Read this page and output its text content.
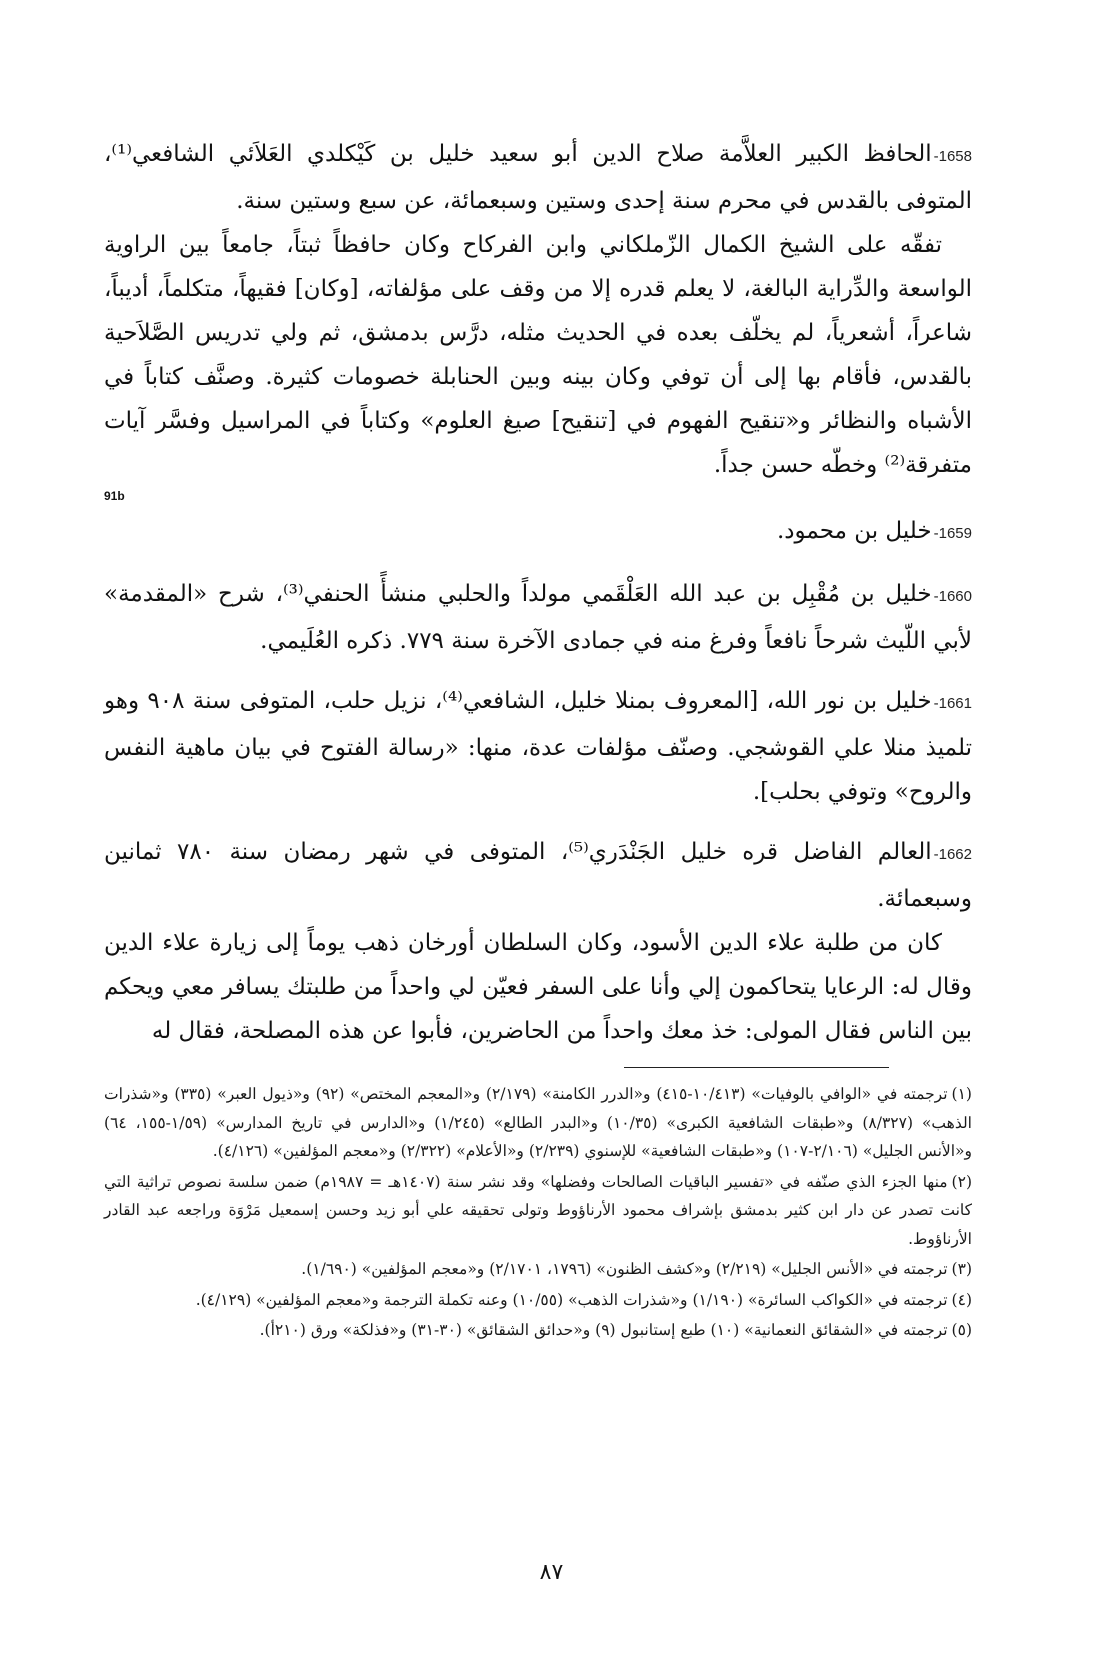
1658-الحافظ الكبير العلاَّمة صلاح الدين أبو سعيد خليل بن كَيْكلدي العَلاَئي الشافعي⁽¹⁾، المتوفى بالقدس في محرم سنة إحدى وستين وسبعمائة، عن سبع وستين سنة.

تفقّه على الشيخ الكمال الزّملكاني وابن الفركاح وكان حافظاً ثبتاً، جامعاً بين الراوية الواسعة والدِّراية البالغة، لا يعلم قدره إلا من وقف على مؤلفاته، [وكان] فقيهاً، متكلماً، أديباً، شاعراً، أشعرياً، لم يخلّف بعده في الحديث مثله، درَّس بدمشق، ثم ولي تدريس الصَّلاَحية بالقدس، فأقام بها إلى أن توفي وكان بينه وبين الحنابلة خصومات كثيرة. وصنَّف كتاباً في الأشباه والنظائر و«تنقيح الفهوم في [تنقيح] صيغ العلوم» وكتاباً في المراسيل وفسَّر آيات متفرقة⁽²⁾ وخطّه حسن جداً.

91b

1659-خليل بن محمود.

1660-خليل بن مُقْبِل بن عبد الله العَلْقَمي مولداً والحلبي منشأً الحنفي⁽³⁾، شرح «المقدمة» لأبي اللّيث شرحاً نافعاً وفرغ منه في جمادى الآخرة سنة ٧٧٩. ذكره العُلَيمي.

1661-خليل بن نور الله، [المعروف بمنلا خليل، الشافعي⁽⁴⁾، نزيل حلب، المتوفى سنة ٩٠٨ وهو تلميذ منلا علي القوشجي. وصنّف مؤلفات عدة، منها: «رسالة الفتوح في بيان ماهية النفس والروح» وتوفي بحلب].

1662-العالم الفاضل قره خليل الجَنْدَري⁽⁵⁾، المتوفى في شهر رمضان سنة ٧٨٠ ثمانين وسبعمائة.

كان من طلبة علاء الدين الأسود، وكان السلطان أورخان ذهب يوماً إلى زيارة علاء الدين وقال له: الرعايا يتحاكمون إلي وأنا على السفر فعيّن لي واحداً من طلبتك يسافر معي ويحكم بين الناس فقال المولى: خذ معك واحداً من الحاضرين، فأبوا عن هذه المصلحة، فقال له

(١)ترجمته في «الوافي بالوفيات» (١٠/٤١٣-٤١٥) و«الدرر الكامنة» (٢/١٧٩) و«المعجم المختص» (٩٢) و«ذيول العبر» (٣٣٥) و«شذرات الذهب» (٨/٣٢٧) و«طبقات الشافعية الكبرى» (١٠/٣٥) و«البدر الطالع» (١/٢٤٥) و«الدارس في تاريخ المدارس» (١/٥٩-١٥٥، ٦٤) و«الأنس الجليل» (٢/١٠٦-١٠٧) و«طبقات الشافعية» للإسنوي (٢/٢٣٩) و«الأعلام» (٢/٣٢٢) و«معجم المؤلفين» (٤/١٢٦).

(٢)منها الجزء الذي صنّفه في «تفسير الباقيات الصالحات وفضلها» وقد نشر سنة (١٤٠٧هـ = ١٩٨٧م) ضمن سلسة نصوص تراثية التي كانت تصدر عن دار ابن كثير بدمشق بإشراف محمود الأرناؤوط وتولى تحقيقه علي أبو زيد وحسن إسمعيل مَرْوَة وراجعه عبد القادر الأرناؤوط.

(٣)ترجمته في «الأنس الجليل» (٢/٢١٩) و«كشف الظنون» (١٧٩٦، ٢/١٧٠١) و«معجم المؤلفين» (١/٦٩٠).

(٤)ترجمته في «الكواكب السائرة» (١/١٩٠) و«شذرات الذهب» (١٠/٥٥) وعنه تكملة الترجمة و«معجم المؤلفين» (٤/١٢٩).

(٥)ترجمته في «الشقائق النعمانية» (١٠) طبع إستانبول (٩) و«حدائق الشقائق» (٣٠-٣١) و«فذلكة» ورق (٢١٠أ).

٨٧
